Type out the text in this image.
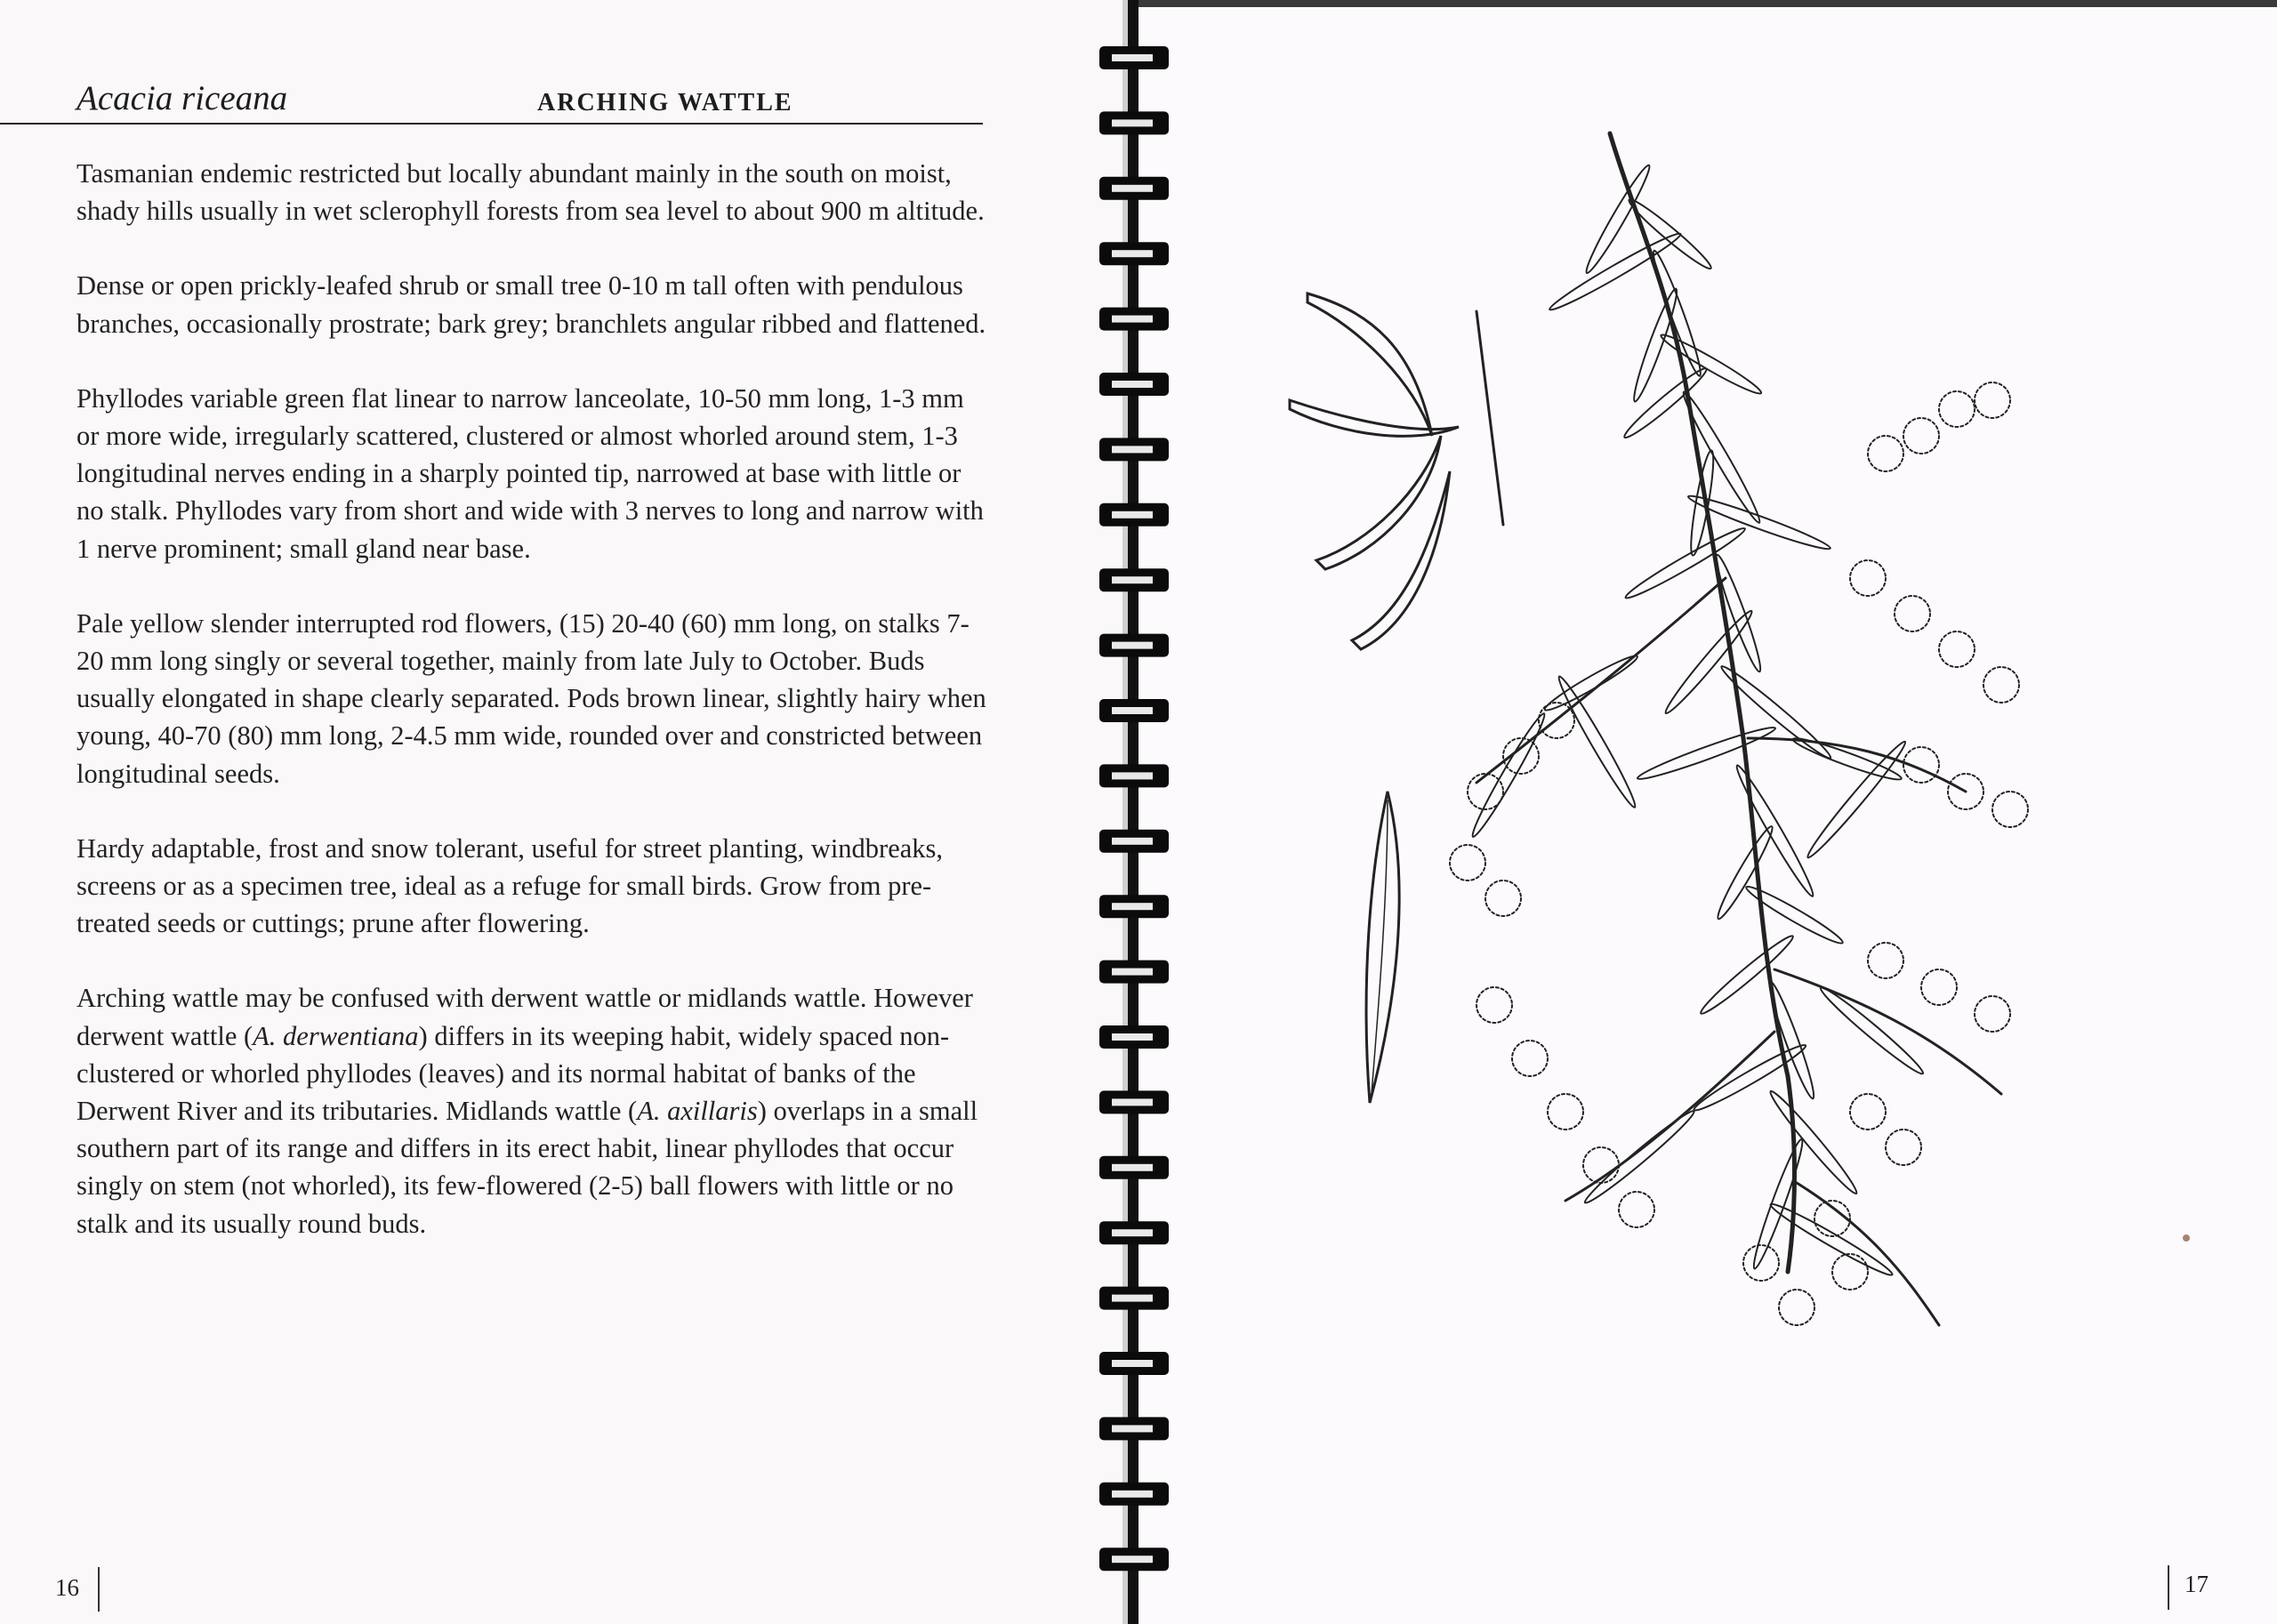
Acacia riceana	ARCHING WATTLE

Tasmanian endemic restricted but locally abundant mainly in the south on moist, shady hills usually in wet sclerophyll forests from sea level to about 900 m altitude.

Dense or open prickly-leafed shrub or small tree 0-10 m tall often with pendulous branches, occasionally prostrate; bark grey; branchlets angular ribbed and flattened.

Phyllodes variable green flat linear to narrow lanceolate, 10-50 mm long, 1-3 mm or more wide, irregularly scattered, clustered or almost whorled around stem, 1-3 longitudinal nerves ending in a sharply pointed tip, narrowed at base with little or no stalk. Phyllodes vary from short and wide with 3 nerves to long and narrow with 1 nerve prominent; small gland near base.

Pale yellow slender interrupted rod flowers, (15) 20-40 (60) mm long, on stalks 7-20 mm long singly or several together, mainly from late July to October. Buds usually elongated in shape clearly separated. Pods brown linear, slightly hairy when young, 40-70 (80) mm long, 2-4.5 mm wide, rounded over and constricted between longitudinal seeds.

Hardy adaptable, frost and snow tolerant, useful for street planting, windbreaks, screens or as a specimen tree, ideal as a refuge for small birds. Grow from pre-treated seeds or cuttings; prune after flowering.

Arching wattle may be confused with derwent wattle or midlands wattle. However derwent wattle (A. derwentiana) differs in its weeping habit, widely spaced non-clustered or whorled phyllodes (leaves) and its normal habitat of banks of the Derwent River and its tributaries. Midlands wattle (A. axillaris) overlaps in a small southern part of its range and differs in its erect habit, linear phyllodes that occur singly on stem (not whorled), its few-flowered (2-5) ball flowers with little or no stalk and its usually round buds.

16	17
